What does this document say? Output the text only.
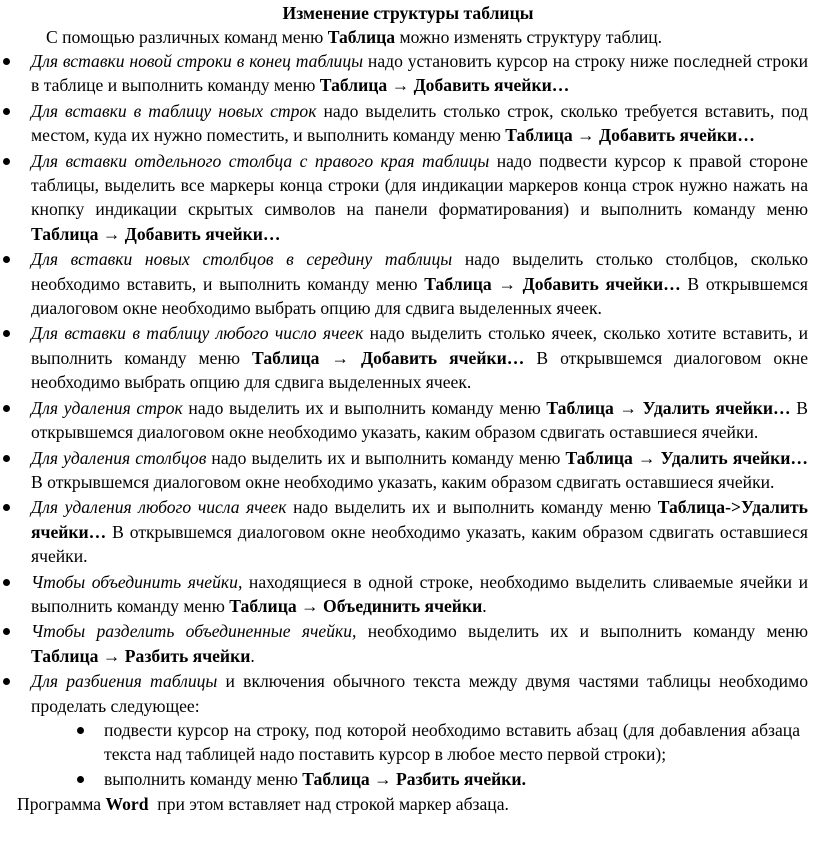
Изменение структуры таблицы

С помощью различных команд меню Таблица можно изменять структуру таблиц.

Для вставки новой строки в конец таблицы надо установить курсор на строку ниже последней строки в таблице и выполнить команду меню Таблица → Добавить ячейки…
Для вставки в таблицу новых строк надо выделить столько строк, сколько требуется вставить, под местом, куда их нужно поместить, и выполнить команду меню Таблица → Добавить ячейки…
Для вставки отдельного столбца с правого края таблицы надо подвести курсор к правой стороне таблицы, выделить все маркеры конца строки (для индикации маркеров конца строк нужно нажать на кнопку индикации скрытых символов на панели форматирования) и выполнить команду меню Таблица → Добавить ячейки…
Для вставки новых столбцов в середину таблицы надо выделить столько столбцов, сколько необходимо вставить, и выполнить команду меню Таблица → Добавить ячейки… В открывшемся диалоговом окне необходимо выбрать опцию для сдвига выделенных ячеек.
Для вставки в таблицу любого число ячеек надо выделить столько ячеек, сколько хотите вставить, и выполнить команду меню Таблица → Добавить ячейки… В открывшемся диалоговом окне необходимо выбрать опцию для сдвига выделенных ячеек.
Для удаления строк надо выделить их и выполнить команду меню Таблица → Удалить ячейки… В открывшемся диалоговом окне необходимо указать, каким образом сдвигать оставшиеся ячейки.
Для удаления столбцов надо выделить их и выполнить команду меню Таблица → Удалить ячейки… В открывшемся диалоговом окне необходимо указать, каким образом сдвигать оставшиеся ячейки.
Для удаления любого числа ячеек надо выделить их и выполнить команду меню Таблица->Удалить ячейки… В открывшемся диалоговом окне необходимо указать, каким образом сдвигать оставшиеся ячейки.
Чтобы объединить ячейки, находящиеся в одной строке, необходимо выделить сливаемые ячейки и выполнить команду меню Таблица → Объединить ячейки.
Чтобы разделить объединенные ячейки, необходимо выделить их и выполнить команду меню Таблица → Разбить ячейки.
Для разбиения таблицы и включения обычного текста между двумя частями таблицы необходимо проделать следующее:
подвести курсор на строку, под которой необходимо вставить абзац (для добавления абзаца текста над таблицей надо поставить курсор в любое место первой строки);
выполнить команду меню Таблица → Разбить ячейки.

Программа Word  при этом вставляет над строкой маркер абзаца.
